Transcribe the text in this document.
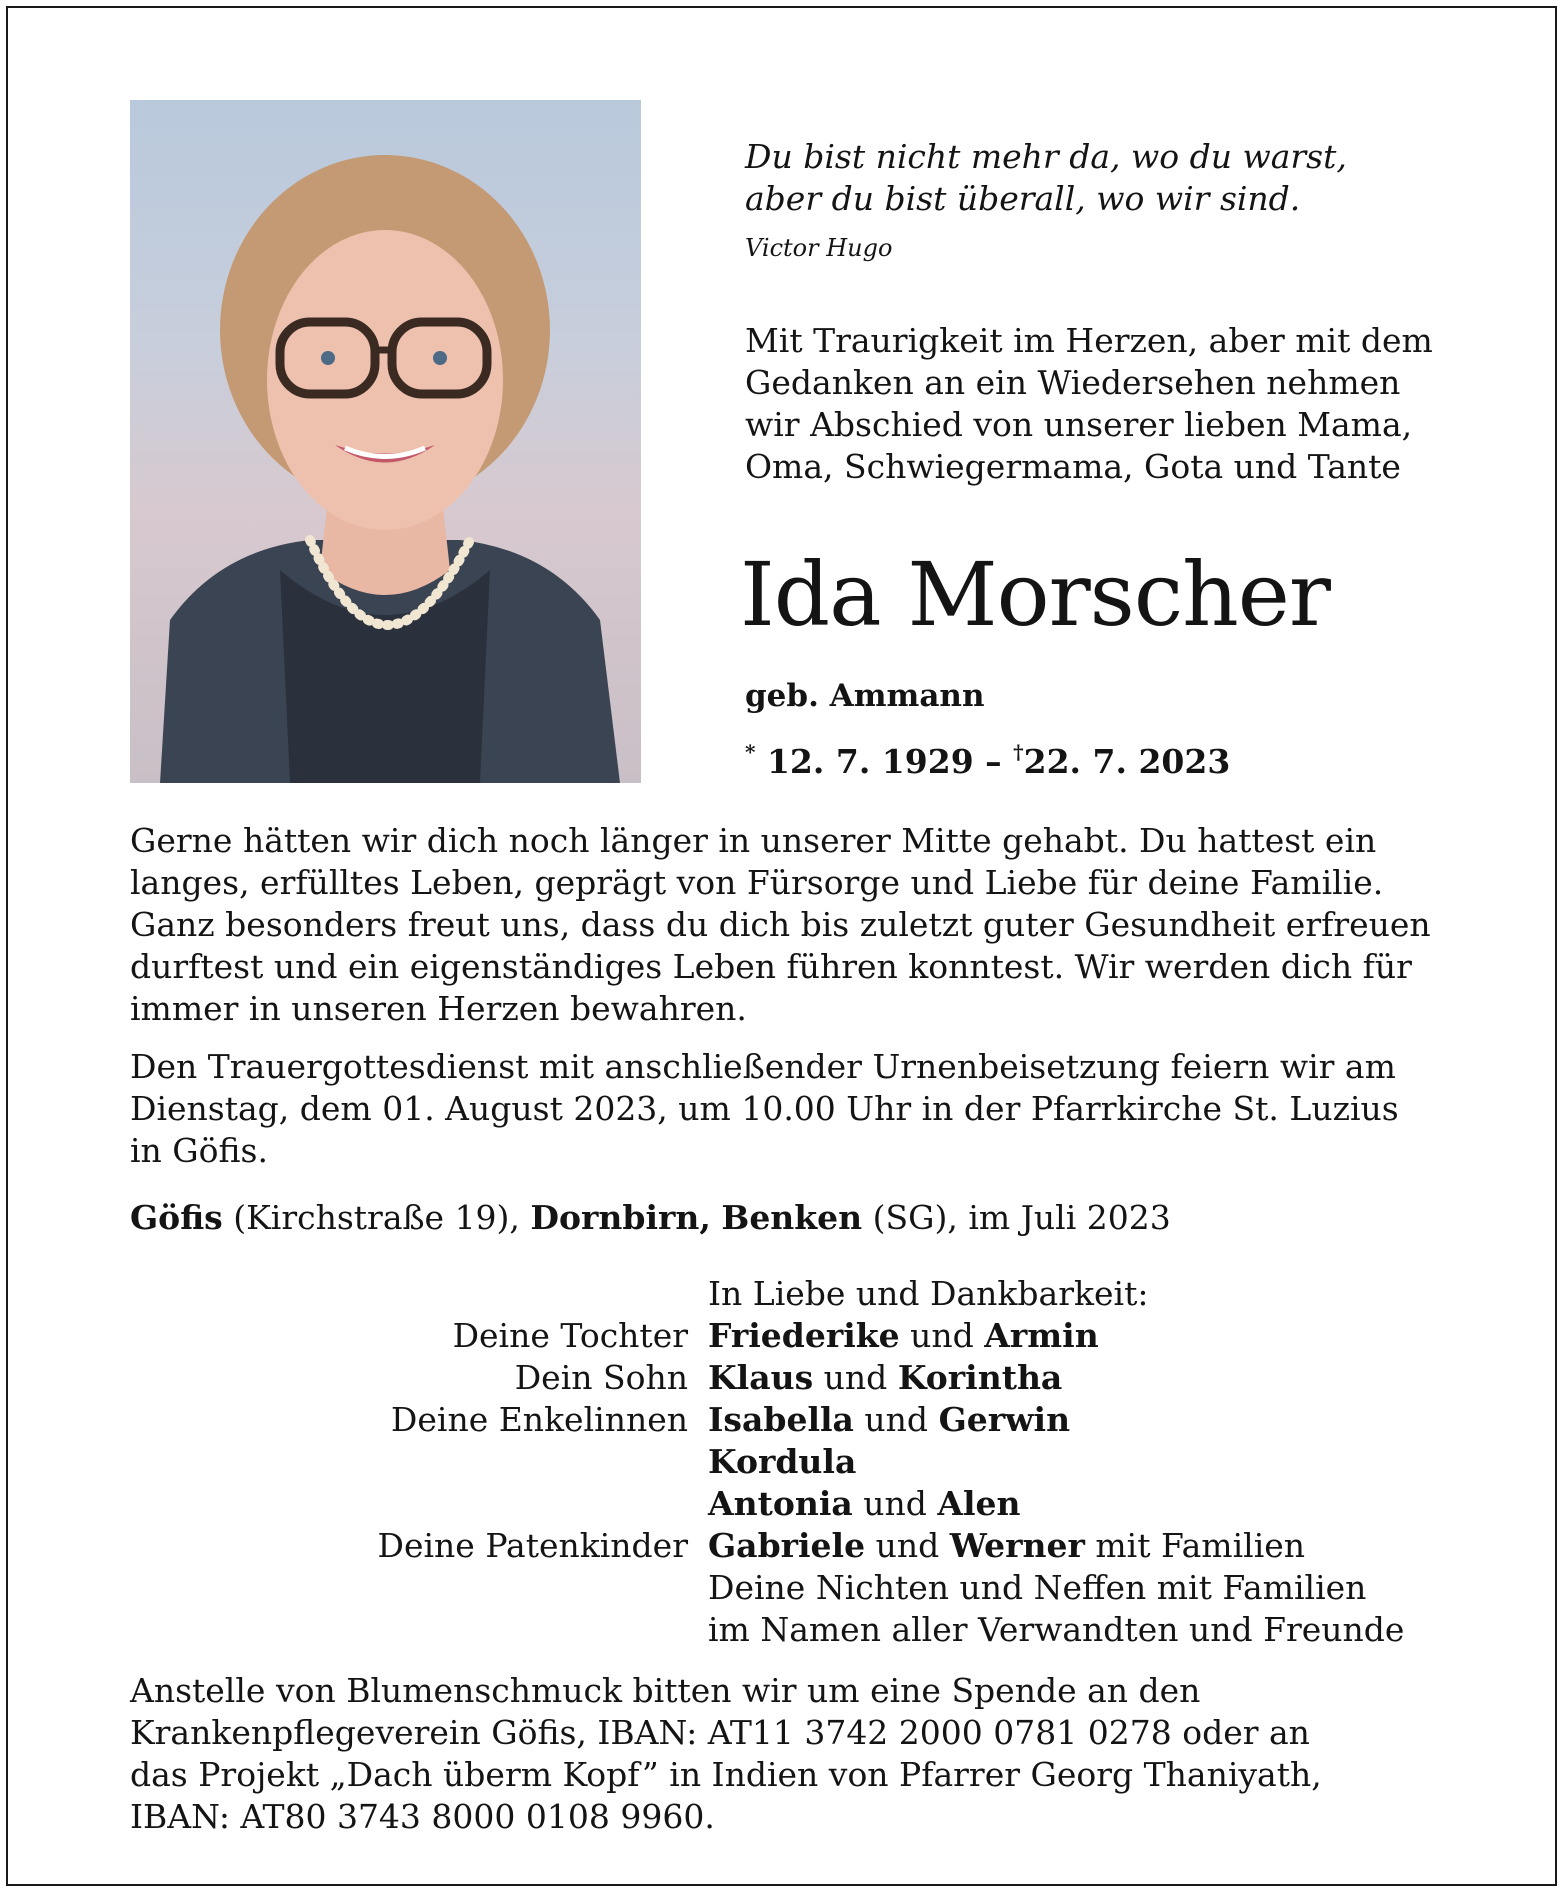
Du bist nicht mehr da, wo du warst,
aber du bist überall, wo wir sind.
Victor Hugo
Mit Traurigkeit im Herzen, aber mit dem
Gedanken an ein Wiedersehen nehmen
wir Abschied von unserer lieben Mama,
Oma, Schwiegermama, Gota und Tante
Ida Morscher
geb. Ammann
* 12. 7. 1929 – †22. 7. 2023
Gerne hätten wir dich noch länger in unserer Mitte gehabt. Du hattest ein
langes, erfülltes Leben, geprägt von Fürsorge und Liebe für deine Familie.
Ganz besonders freut uns, dass du dich bis zuletzt guter Gesundheit erfreuen
durftest und ein eigenständiges Leben führen konntest. Wir werden dich für
immer in unseren Herzen bewahren.
Den Trauergottesdienst mit anschließender Urnenbeisetzung feiern wir am
Dienstag, dem 01. August 2023, um 10.00 Uhr in der Pfarrkirche St. Luzius
in Göfis.
Göfis (Kirchstraße 19), Dornbirn, Benken (SG), im Juli 2023
In Liebe und Dankbarkeit:
Deine Tochter Friederike und Armin
Dein Sohn Klaus und Korintha
Deine Enkelinnen Isabella und Gerwin
Kordula
Antonia und Alen
Deine Patenkinder Gabriele und Werner mit Familien
Deine Nichten und Neffen mit Familien
im Namen aller Verwandten und Freunde
Anstelle von Blumenschmuck bitten wir um eine Spende an den
Krankenpflegeverein Göfis, IBAN: AT11 3742 2000 0781 0278 oder an
das Projekt „Dach überm Kopf” in Indien von Pfarrer Georg Thaniyath,
IBAN: AT80 3743 8000 0108 9960.
